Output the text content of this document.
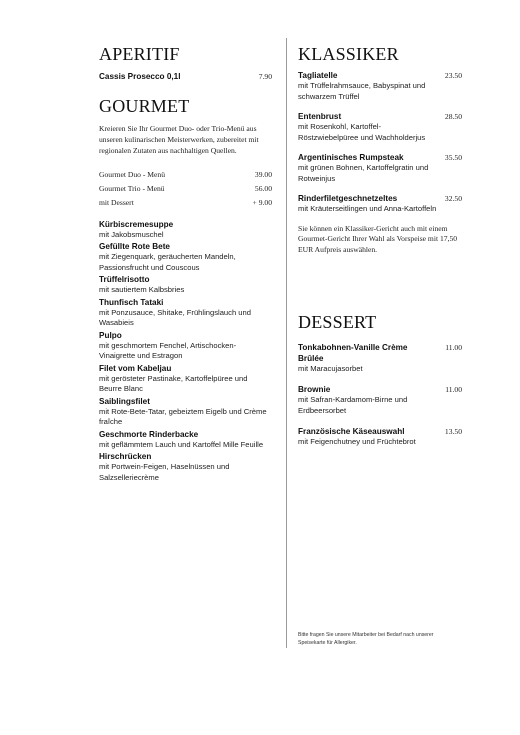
APERITIF
Cassis Prosecco 0,1l	7.90
GOURMET
Kreieren Sie Ihr Gourmet Duo- oder Trio-Menü aus unseren kulinarischen Meisterwerken, zubereitet mit regionalen Zutaten aus nachhaltigen Quellen.
Gourmet Duo - Menü	39.00
Gourmet Trio - Menü	56.00
mit Dessert	+ 9.00
Kürbiscremesuppe
mit Jakobsmuschel
Gefüllte Rote Bete
mit Ziegenquark, geräucherten Mandeln, Passionsfrucht und Couscous
Trüffelrisotto
mit sautiertem Kalbsbries
Thunfisch Tataki
mit Ponzusauce, Shitake, Frühlingslauch und Wasabieis
Pulpo
mit geschmortem Fenchel, Artischocken-Vinaigrette und Estragon
Filet vom Kabeljau
mit gerösteter Pastinake, Kartoffelpüree und Beurre Blanc
Saiblingsfilet
mit Rote-Bete-Tatar, gebeiztem Eigelb und Crème fraîche
Geschmorte Rinderbacke
mit geflämmtem Lauch und Kartoffel Mille Feuille
Hirschrücken
mit Portwein-Feigen, Haselnüssen und Salzselleriecrème
KLASSIKER
Tagliatelle
mit Trüffelrahmsauce, Babyspinat und schwarzem Trüffel
23.50
Entenbrust
mit Rosenkohl, Kartoffel-Röstzwiebelpüree und Wachholderjus
28.50
Argentinisches Rumpsteak
mit grünen Bohnen, Kartoffelgratin und Rotweinjus
35.50
Rinderfiletgeschnetzeltes
mit Kräuterseitlingen und Anna-Kartoffeln
32.50
Sie können ein Klassiker-Gericht auch mit einem Gourmet-Gericht Ihrer Wahl als Vorspeise mit 17,50 EUR Aufpreis auswählen.
DESSERT
Tonkabohnen-Vanille Crème Brûlée
mit Maracujasorbet
11.00
Brownie
mit Safran-Kardamom-Birne und Erdbeersorbet
11.00
Französische Käseauswahl
mit Feigenchutney und Früchtebrot
13.50
Bitte fragen Sie unsere Mitarbeiter bei Bedarf nach unserer Speisekarte für Allergiker.
